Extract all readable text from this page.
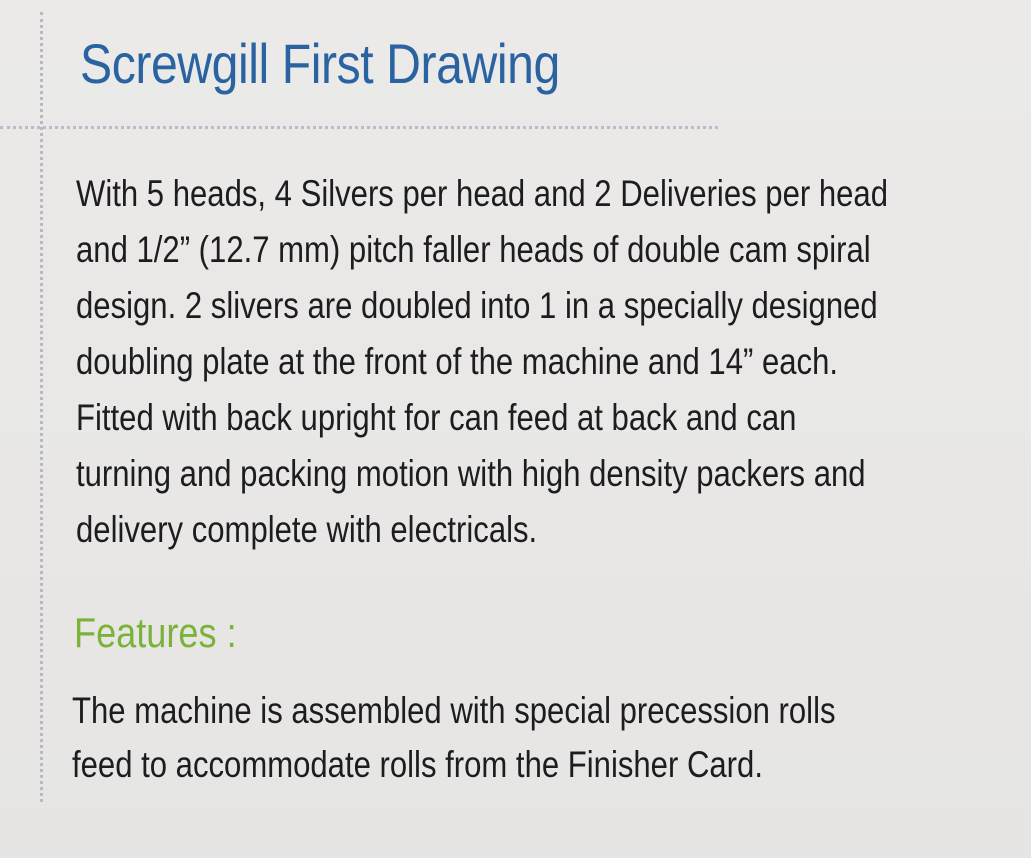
Screwgill First Drawing

With 5 heads, 4 Silvers per head and 2 Deliveries per head
and 1/2” (12.7 mm) pitch faller heads of double cam spiral
design. 2 slivers are doubled into 1 in a specially designed
doubling plate at the front of the machine and 14” each.
Fitted with back upright for can feed at back and can
turning and packing motion with high density packers and
delivery complete with electricals.

Features :

The machine is assembled with special precession rolls
feed to accommodate rolls from the Finisher Card.
